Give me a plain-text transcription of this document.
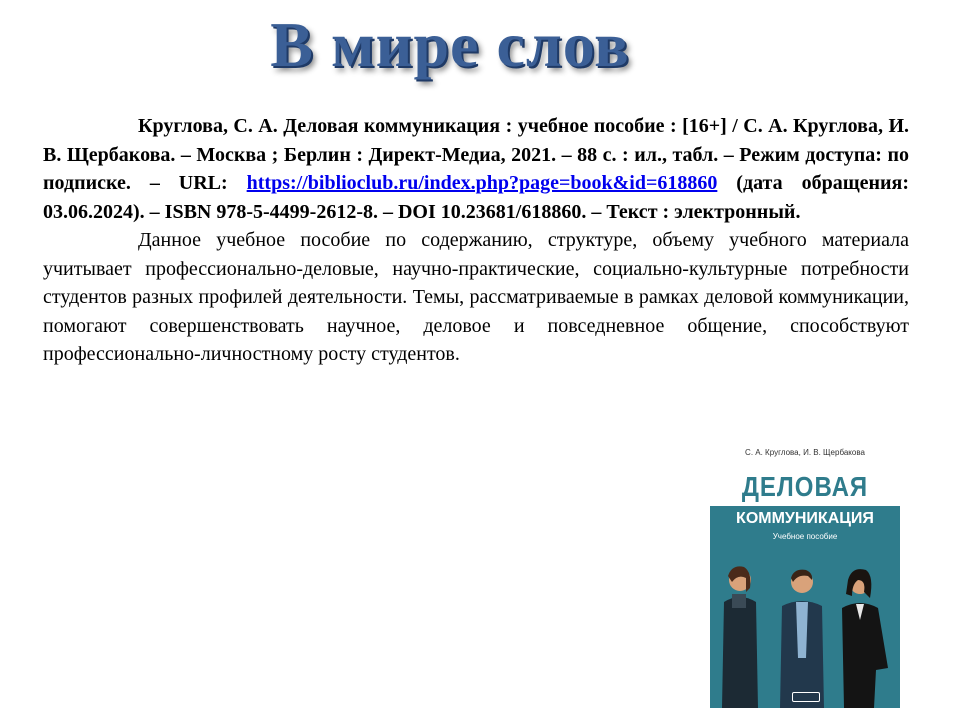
В мире слов

Круглова, С. А. Деловая коммуникация : учебное пособие : [16+] / С. А. Круглова, И. В. Щербакова. – Москва ; Берлин : Директ-Медиа, 2021. – 88 с. : ил., табл. – Режим доступа: по подписке. – URL: https://biblioclub.ru/index.php?page=book&id=618860 (дата обращения: 03.06.2024). – ISBN 978-5-4499-2612-8. – DOI 10.23681/618860. – Текст : электронный.

Данное учебное пособие по содержанию, структуре, объему учебного материала учитывает профессионально-деловые, научно-практические, социально-культурные потребности студентов разных профилей деятельности. Темы, рассматриваемые в рамках деловой коммуникации, помогают совершенствовать научное, деловое и повседневное общение, способствуют профессионально-личностному росту студентов.

С. А. Круглова, И. В. Щербакова
ДЕЛОВАЯ
КОММУНИКАЦИЯ
Учебное пособие
